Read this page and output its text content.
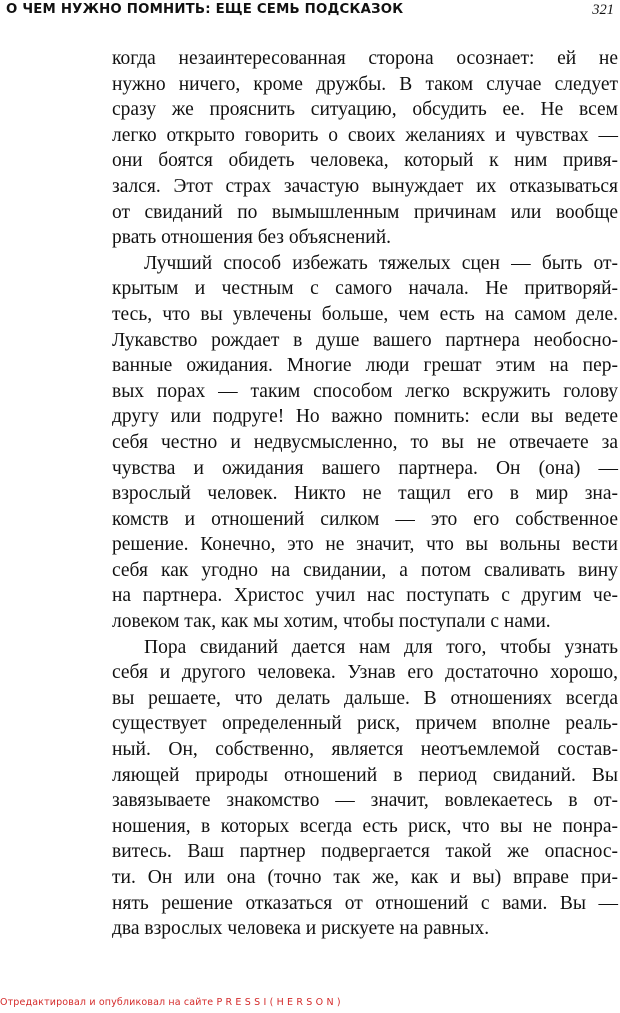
О ЧЕМ НУЖНО ПОМНИТЬ: ЕЩЕ СЕМЬ ПОДСКАЗОК	321
когда незаинтересованная сторона осознает: ей не
нужно ничего, кроме дружбы. В таком случае следует
сразу же прояснить ситуацию, обсудить ее. Не всем
легко открыто говорить о своих желаниях и чувствах —
они боятся обидеть человека, который к ним привя-
зался. Этот страх зачастую вынуждает их отказываться
от свиданий по вымышленным причинам или вообще
рвать отношения без объяснений.
Лучший способ избежать тяжелых сцен — быть от-
крытым и честным с самого начала. Не притворяй-
тесь, что вы увлечены больше, чем есть на самом деле.
Лукавство рождает в душе вашего партнера необосно-
ванные ожидания. Многие люди грешат этим на пер-
вых порах — таким способом легко вскружить голову
другу или подруге! Но важно помнить: если вы ведете
себя честно и недвусмысленно, то вы не отвечаете за
чувства и ожидания вашего партнера. Он (она) —
взрослый человек. Никто не тащил его в мир зна-
комств и отношений силком — это его собственное
решение. Конечно, это не значит, что вы вольны вести
себя как угодно на свидании, а потом сваливать вину
на партнера. Христос учил нас поступать с другим че-
ловеком так, как мы хотим, чтобы поступали с нами.
Пора свиданий дается нам для того, чтобы узнать
себя и другого человека. Узнав его достаточно хорошо,
вы решаете, что делать дальше. В отношениях всегда
существует определенный риск, причем вполне реаль-
ный. Он, собственно, является неотъемлемой состав-
ляющей природы отношений в период свиданий. Вы
завязываете знакомство — значит, вовлекаетесь в от-
ношения, в которых всегда есть риск, что вы не понра-
витесь. Ваш партнер подвергается такой же опаснос-
ти. Он или она (точно так же, как и вы) вправе при-
нять решение отказаться от отношений с вами. Вы —
два взрослых человека и рискуете на равных.
Отредактировал и опубликовал на сайте P R E S S I ( H E R S O N )
